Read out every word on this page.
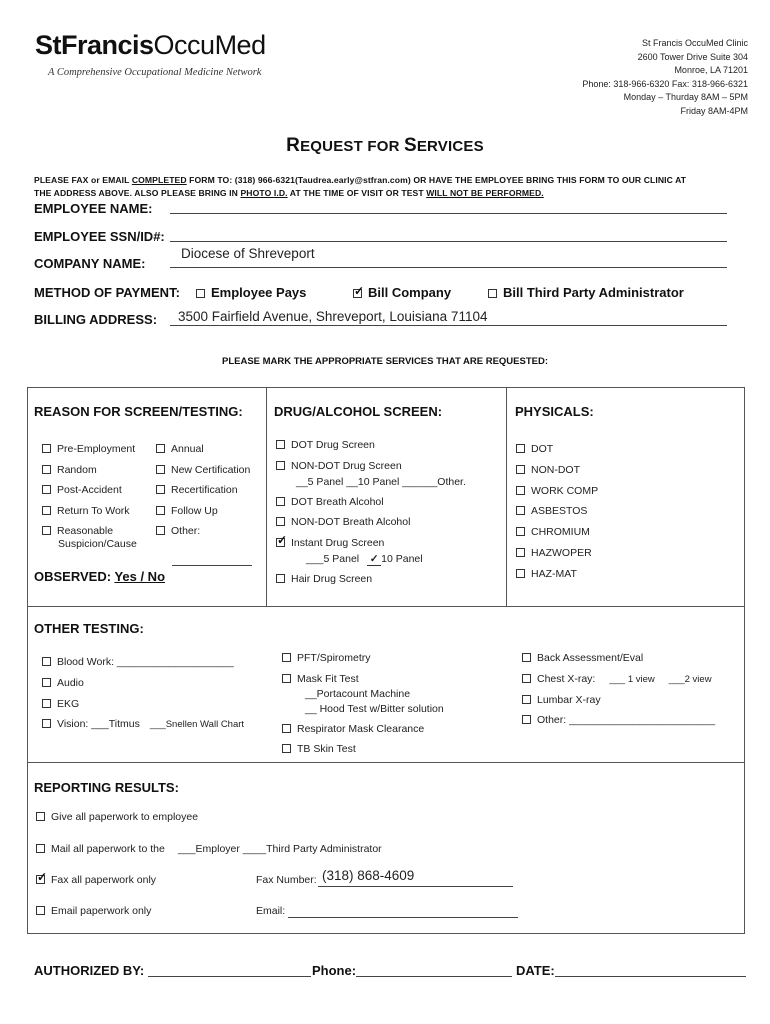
StFrancisOccuMed
A Comprehensive Occupational Medicine Network
St Francis OccuMed Clinic
2600 Tower Drive Suite 304
Monroe, LA 71201
Phone: 318-966-6320 Fax: 318-966-6321
Monday – Thurday 8AM – 5PM
Friday 8AM-4PM
REQUEST FOR SERVICES
PLEASE FAX or EMAIL COMPLETED FORM TO: (318) 966-6321(Taudrea.early@stfran.com) OR HAVE THE EMPLOYEE BRING THIS FORM TO OUR CLINIC AT
THE ADDRESS ABOVE. ALSO PLEASE BRING IN PHOTO I.D. AT THE TIME OF VISIT OR TEST WILL NOT BE PERFORMED.
EMPLOYEE NAME:
EMPLOYEE SSN/ID#:
COMPANY NAME:
Diocese of Shreveport
METHOD OF PAYMENT:	Employee Pays
✓	Bill Company	Bill Third Party Administrator
BILLING ADDRESS: 3500 Fairfield Avenue, Shreveport, Louisiana 71104
PLEASE MARK THE APPROPRIATE SERVICES THAT ARE REQUESTED:
REASON FOR SCREEN/TESTING:
Pre-Employment
Random
Post-Accident
Return To Work
Reasonable
Suspicion/Cause
Annual
New Certification
Recertification
Follow Up
Other:
OBSERVED: Yes / No
DRUG/ALCOHOL SCREEN:
DOT Drug Screen
NON-DOT Drug Screen
__5 Panel __10 Panel ______Other.
DOT Breath Alcohol
NON-DOT Breath Alcohol
✓Instant Drug Screen
___5 Panel ✓ 10 Panel
Hair Drug Screen
PHYSICALS:
DOT
NON-DOT
WORK COMP
ASBESTOS
CHROMIUM
HAZWOPER
HAZ-MAT
OTHER TESTING:
Blood Work: ____________________
Audio
EKG
Vision: ___Titmus ___Snellen Wall Chart
PFT/Spirometry
Mask Fit Test
__Portacount Machine
__ Hood Test w/Bitter solution
Respirator Mask Clearance
TB Skin Test
Back Assessment/Eval
Chest X-ray: ___ 1 view ___2 view
Lumbar X-ray
Other: _________________________
REPORTING RESULTS:
Give all paperwork to employee
Mail all paperwork to the ___Employer ____Third Party Administrator
✓Fax all paperwork only	Fax Number: (318) 868-4609
Email paperwork only	Email:
AUTHORIZED BY:	Phone:	DATE:
